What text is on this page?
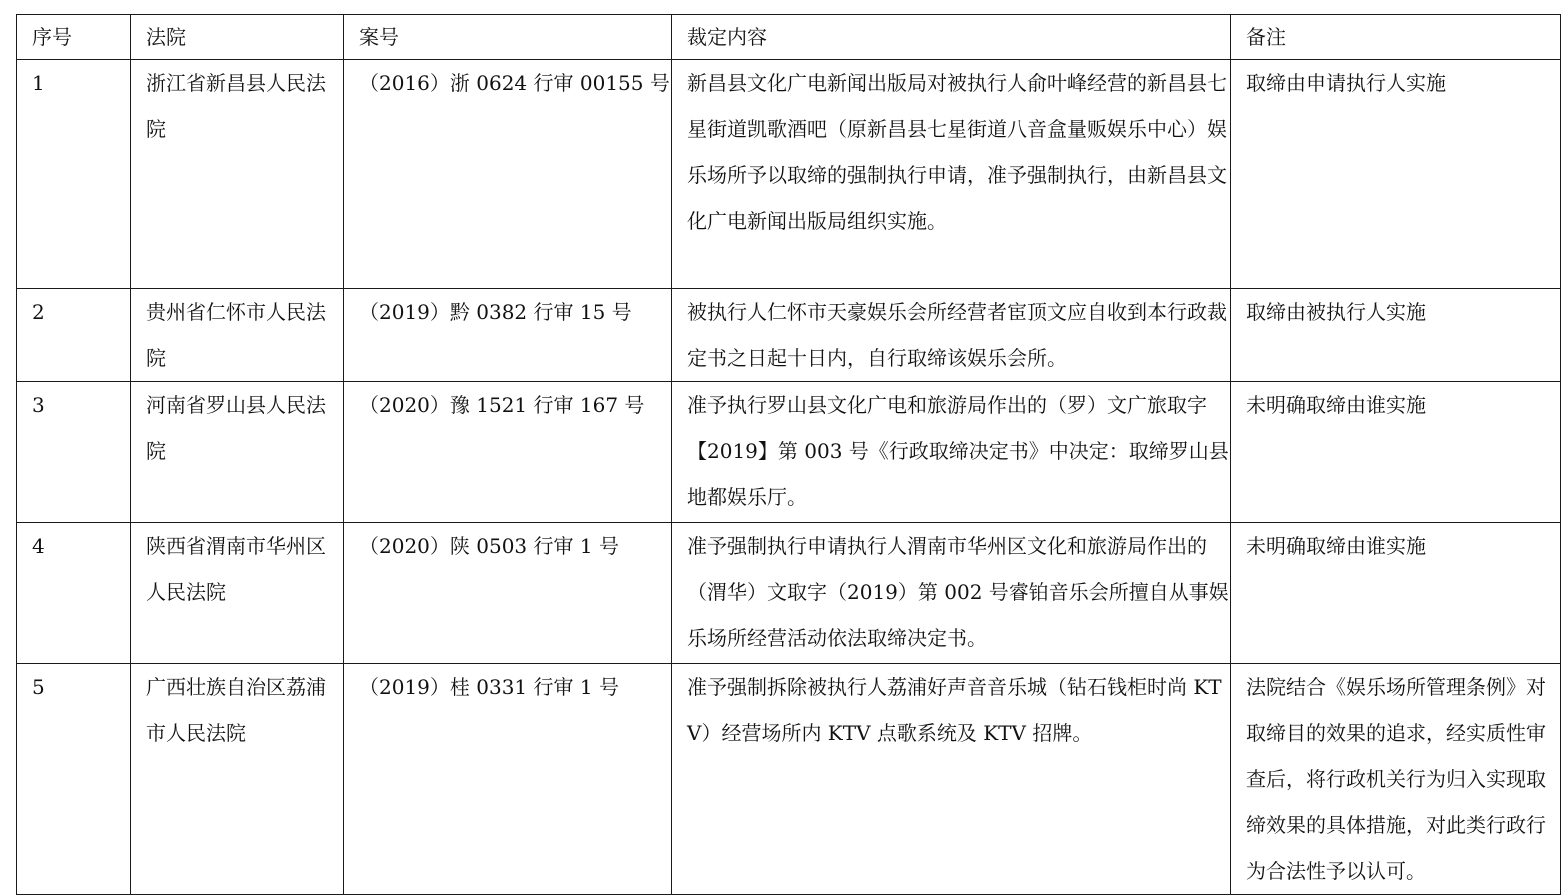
序号	法院	案号	裁定内容	备注
1	浙江省新昌县人民法院	（2016）浙 0624 行审 00155 号	新昌县文化广电新闻出版局对被执行人俞叶峰经营的新昌县七星街道凯歌酒吧（原新昌县七星街道八音盒量贩娱乐中心）娱乐场所予以取缔的强制执行申请，准予强制执行，由新昌县文化广电新闻出版局组织实施。	取缔由申请执行人实施
2	贵州省仁怀市人民法院	（2019）黔 0382 行审 15 号	被执行人仁怀市天豪娱乐会所经营者宦顶文应自收到本行政裁定书之日起十日内，自行取缔该娱乐会所。	取缔由被执行人实施
3	河南省罗山县人民法院	（2020）豫 1521 行审 167 号	准予执行罗山县文化广电和旅游局作出的（罗）文广旅取字【2019】第 003 号《行政取缔决定书》中决定：取缔罗山县地都娱乐厅。	未明确取缔由谁实施
4	陕西省渭南市华州区人民法院	（2020）陕 0503 行审 1 号	准予强制执行申请执行人渭南市华州区文化和旅游局作出的（渭华）文取字（2019）第 002 号睿铂音乐会所擅自从事娱乐场所经营活动依法取缔决定书。	未明确取缔由谁实施
5	广西壮族自治区荔浦市人民法院	（2019）桂 0331 行审 1 号	准予强制拆除被执行人荔浦好声音音乐城（钻石钱柜时尚 KTV）经营场所内 KTV 点歌系统及 KTV 招牌。	法院结合《娱乐场所管理条例》对取缔目的效果的追求，经实质性审查后，将行政机关行为归入实现取缔效果的具体措施，对此类行政行为合法性予以认可。
